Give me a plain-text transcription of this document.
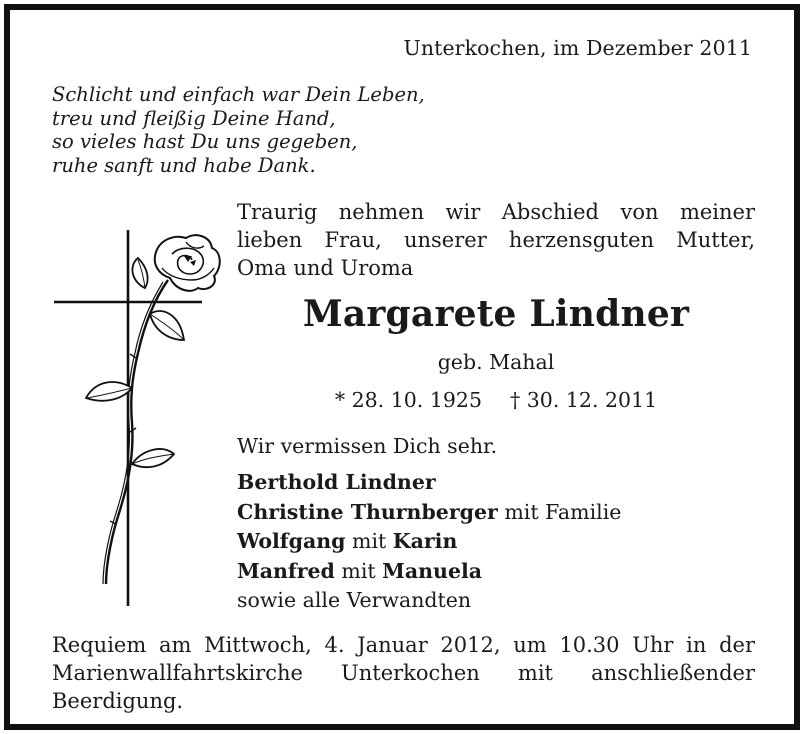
Unterkochen, im Dezember 2011
Schlicht und einfach war Dein Leben,
treu und fleißig Deine Hand,
so vieles hast Du uns gegeben,
ruhe sanft und habe Dank.
Traurig nehmen wir Abschied von meiner
lieben Frau, unserer herzensguten Mutter,
Oma und Uroma
Margarete Lindner
geb. Mahal
* 28. 10. 1925 † 30. 12. 2011
Wir vermissen Dich sehr.
Berthold Lindner
Christine Thurnberger mit Familie
Wolfgang mit Karin
Manfred mit Manuela
sowie alle Verwandten
Requiem am Mittwoch, 4. Januar 2012, um 10.30 Uhr in der
Marienwallfahrtskirche Unterkochen mit anschließender
Beerdigung.
